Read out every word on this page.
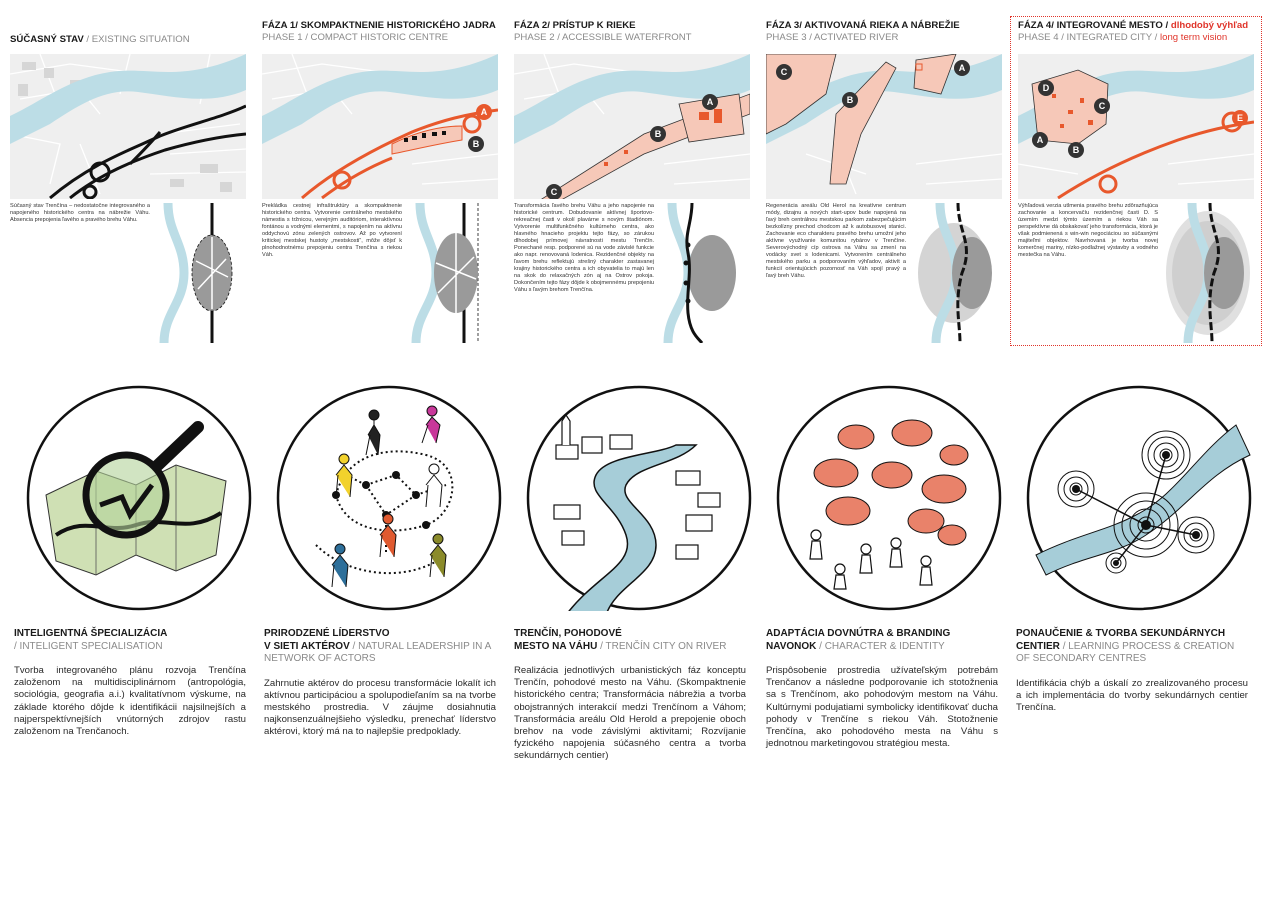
SÚČASNÝ STAV / EXISTING SITUATION

Súčasný stav Trenčína – nedostatočne integrovaného a napojeného historického centra na nábrežie Váhu. Absencia prepojenia ľavého a pravého brehu Váhu.

FÁZA 1/ SKOMPAKTNENIE HISTORICKÉHO JADRA
PHASE 1 / COMPACT HISTORIC CENTRE
A
B

Prekládka cestnej infraštruktúry a skompaktnenie historického centra. Vytvorenie centrálneho mestského námestia s tržnicou, verejným auditóriom, interaktívnou fontánou a vodnými elementmi, s napojením na aktívnu oddychovú zónu zelených ostrovov. Až po vytvorení kritickej mestskej hustoty „mestskosti“, môže dôjsť k plnohodnotnému prepojeniu centra Trenčína s riekou Váh.

FÁZA 2/ PRÍSTUP K RIEKE
PHASE 2 / ACCESSIBLE WATERFRONT
A
B
C

Transformácia ľavého brehu Váhu a jeho napojenie na historické centrum. Dobudovanie aktívnej športovo-rekreačnej časti v okolí plavárne s novým štadiónom. Vytvorenie multifunkčného kultúrneho centra, ako hlavného hnacieho projektu tejto fázy, so zárukou dlhodobej prímovej návratnosti mestu Trenčín. Ponechané resp. podporené sú na vode závislé funkcie ako napr. renovovaná lodenica. Rezidenčné objekty na ľavom brehu reflektujú strešný charakter zastavanej krajiny historického centra a ich obyvatelia to majú len na skok do relaxačných zón aj na Ostrov pokoja. Dokončením tejto fázy dôjde k obojmennému prepojeniu Váhu s ľavým brehom Trenčína.

FÁZA 3/ AKTIVOVANÁ RIEKA A NÁBREŽIE
PHASE 3 / ACTIVATED RIVER
A
B
C

Regenerácia areálu Old Herol na kreatívne centrum módy, dizajnu a nových start-upov bude napojená na ľavý breh centrálnou mestskou parkom zabezpečujúcim bezkolízny prechod chodcom až k autobusovej stanici. Zachovanie eco charakteru pravého brehu umožní jeho aktívne využívanie komunitou rybárov v Trenčíne. Severovýchodný cíp ostrova na Váhu sa zmení na vodácky svet s lodenicami. Vytvorením centrálneho mestského parku a podporovaním výhľadov, aktivít a funkcií orientujúcich pozornosť na Váh spojí pravý a ľavý breh Váhu.

FÁZA 4/ INTEGROVANÉ MESTO / dlhodobý výhľad
PHASE 4 / INTEGRATED CITY / long term vision
E
A
B
C
D

Výhľadová verzia utlmenia pravého brehu zdôrazňujúca zachovanie a koncervačíu rezidenčnej časti D. S územím medzi týmto územím a riekou Váh sa perspektívne dá obskakovať jeho transformácia, ktorá je však podmienená s win-win negociáciou so súčasnými majiteľmi objektov. Navrhovaná je tvorba novej komerčnej mariny, nízko-podlažnej výstavby a vodného mestečka na Váhu.

INTELIGENTNÁ ŠPECIALIZÁCIA
/ INTELIGENT SPECIALISATION

Tvorba integrovaného plánu rozvoja Trenčína založenom na multidisciplinárnom (antropológia, sociológia, geografia a.i.) kvalitatívnom výskume, na základe ktorého dôjde k identifikácii najsilnejších a najperspektívnejších vnútorných zdrojov rastu založenom na Trenčanoch.

PRIRODZENÉ LÍDERSTVO
V SIETI AKTÉROV / NATURAL LEADERSHIP IN A NETWORK OF ACTORS

Zahrnutie aktérov do procesu transformácie lokalít ich aktívnou participáciou a spolupodieľaním sa na tvorbe mestského prostredia. V záujme dosiahnutia najkonsenzuálnejšieho výsledku, prenechať líderstvo aktérovi, ktorý má na to najlepšie predpoklady.

TRENČÍN, POHODOVÉ
MESTO NA VÁHU / TRENČÍN CITY ON RIVER

Realizácia jednotlivých urbanistických fáz konceptu Trenčín, pohodové mesto na Váhu. (Skompaktnenie historického centra; Transformácia nábrežia a tvorba obojstranných interakcií medzi Trenčínom a Váhom; Transformácia areálu Old Herold a prepojenie oboch brehov na vode závislými aktivitami; Rozvíjanie fyzického napojenia súčasného centra a tvorba sekundárnych centier)

ADAPTÁCIA DOVNÚTRA & BRANDING
NAVONOK / CHARACTER & IDENTITY

Prispôsobenie prostredia užívateľským potrebám Trenčanov a následne podporovanie ich stotožnenia sa s Trenčínom, ako pohodovým mestom na Váhu. Kultúrnymi podujatiami symbolicky identifikovať ducha pohody v Trenčíne s riekou Váh. Stotožnenie Trenčína, ako pohodového mesta na Váhu s jednotnou marketingovou stratégiou mesta.

PONAUČENIE & TVORBA SEKUNDÁRNYCH
CENTIER / LEARNING PROCESS & CREATION OF SECONDARY CENTRES

Identifikácia chýb a úskalí zo zrealizovaného procesu a ich implementácia do tvorby sekundárnych centier Trenčína.
